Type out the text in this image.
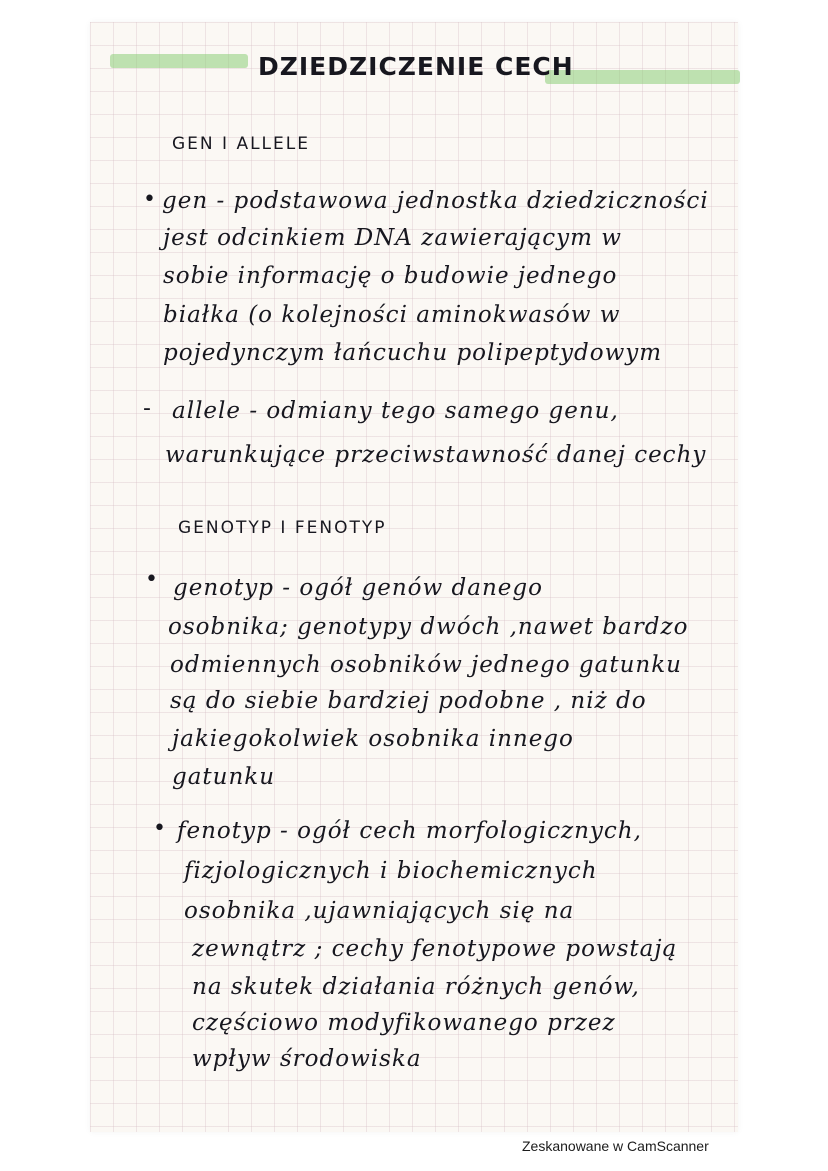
DZIEDZICZENIE CECH
GEN I ALLELE
• gen - podstawowa jednostka dziedziczności
jest odcinkiem DNA zawierającym w
sobie informację o budowie jednego
białka (o kolejności aminokwasów w
pojedynczym łańcuchu polipeptydowym
- allele - odmiany tego samego genu,
warunkujące przeciwstawność danej cechy
GENOTYP I FENOTYP
• genotyp - ogół genów danego
osobnika; genotypy dwóch ,nawet bardzo
odmiennych osobników jednego gatunku
są do siebie bardziej podobne , niż do
jakiegokolwiek osobnika innego
gatunku
• fenotyp - ogół cech morfologicznych,
fizjologicznych i biochemicznych
osobnika ,ujawniających się na
zewnątrz ; cechy fenotypowe powstają
na skutek działania różnych genów,
częściowo modyfikowanego przez
wpływ środowiska
Zeskanowane w CamScanner
